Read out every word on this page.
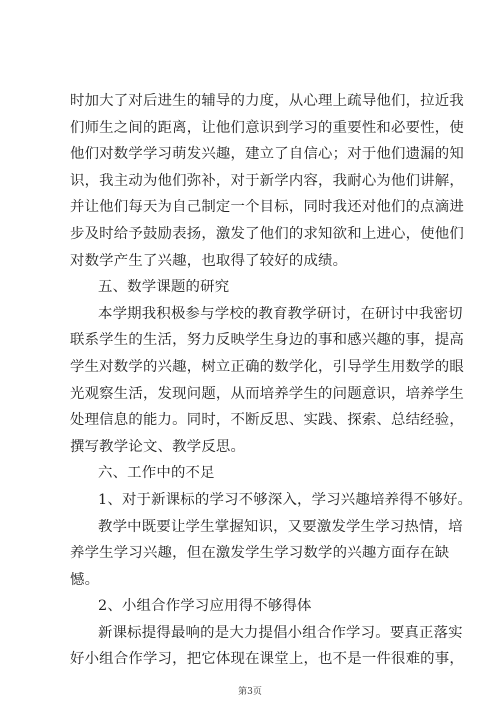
时加大了对后进生的辅导的力度，从心理上疏导他们，拉近我
们师生之间的距离，让他们意识到学习的重要性和必要性，使
他们对数学学习萌发兴趣，建立了自信心；对于他们遗漏的知
识，我主动为他们弥补，对于新学内容，我耐心为他们讲解，
并让他们每天为自己制定一个目标，同时我还对他们的点滴进
步及时给予鼓励表扬，激发了他们的求知欲和上进心，使他们
对数学产生了兴趣，也取得了较好的成绩。
五、数学课题的研究
本学期我积极参与学校的教育教学研讨，在研讨中我密切
联系学生的生活，努力反映学生身边的事和感兴趣的事，提高
学生对数学的兴趣，树立正确的数学化，引导学生用数学的眼
光观察生活，发现问题，从而培养学生的问题意识，培养学生
处理信息的能力。同时，不断反思、实践、探索、总结经验，
撰写教学论文、教学反思。
六、工作中的不足
1、对于新课标的学习不够深入，学习兴趣培养得不够好。
教学中既要让学生掌握知识，又要激发学生学习热情，培
养学生学习兴趣，但在激发学生学习数学的兴趣方面存在缺
憾。
2、小组合作学习应用得不够得体
新课标提得最响的是大力提倡小组合作学习。要真正落实
好小组合作学习，把它体现在课堂上，也不是一件很难的事，
第3页
